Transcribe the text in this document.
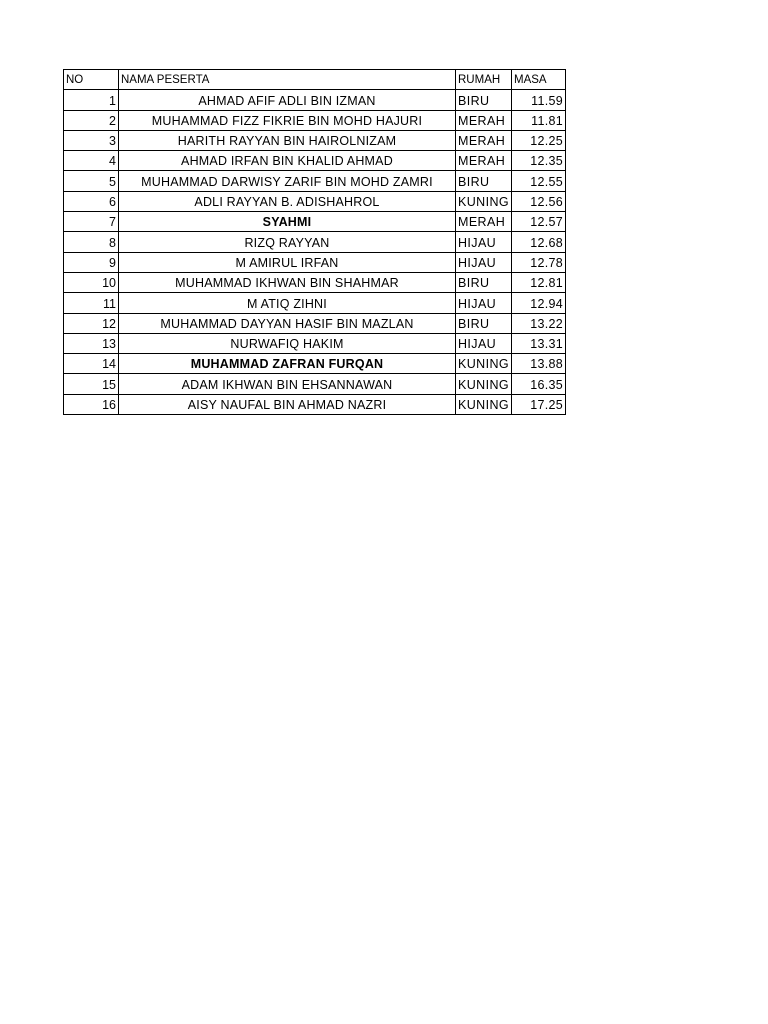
NO	NAMA PESERTA	RUMAH	MASA
1	AHMAD AFIF ADLI BIN IZMAN	BIRU	11.59
2	MUHAMMAD FIZZ FIKRIE BIN MOHD HAJURI	MERAH	11.81
3	HARITH RAYYAN BIN HAIROLNIZAM	MERAH	12.25
4	AHMAD IRFAN BIN KHALID AHMAD	MERAH	12.35
5	MUHAMMAD DARWISY ZARIF BIN MOHD ZAMRI	BIRU	12.55
6	ADLI RAYYAN B. ADISHAHROL	KUNING	12.56
7	SYAHMI	MERAH	12.57
8	RIZQ RAYYAN	HIJAU	12.68
9	M AMIRUL IRFAN	HIJAU	12.78
10	MUHAMMAD IKHWAN BIN SHAHMAR	BIRU	12.81
11	M ATIQ ZIHNI	HIJAU	12.94
12	MUHAMMAD DAYYAN HASIF BIN MAZLAN	BIRU	13.22
13	NURWAFIQ HAKIM	HIJAU	13.31
14	MUHAMMAD ZAFRAN FURQAN	KUNING	13.88
15	ADAM IKHWAN BIN EHSANNAWAN	KUNING	16.35
16	AISY NAUFAL BIN AHMAD NAZRI	KUNING	17.25
